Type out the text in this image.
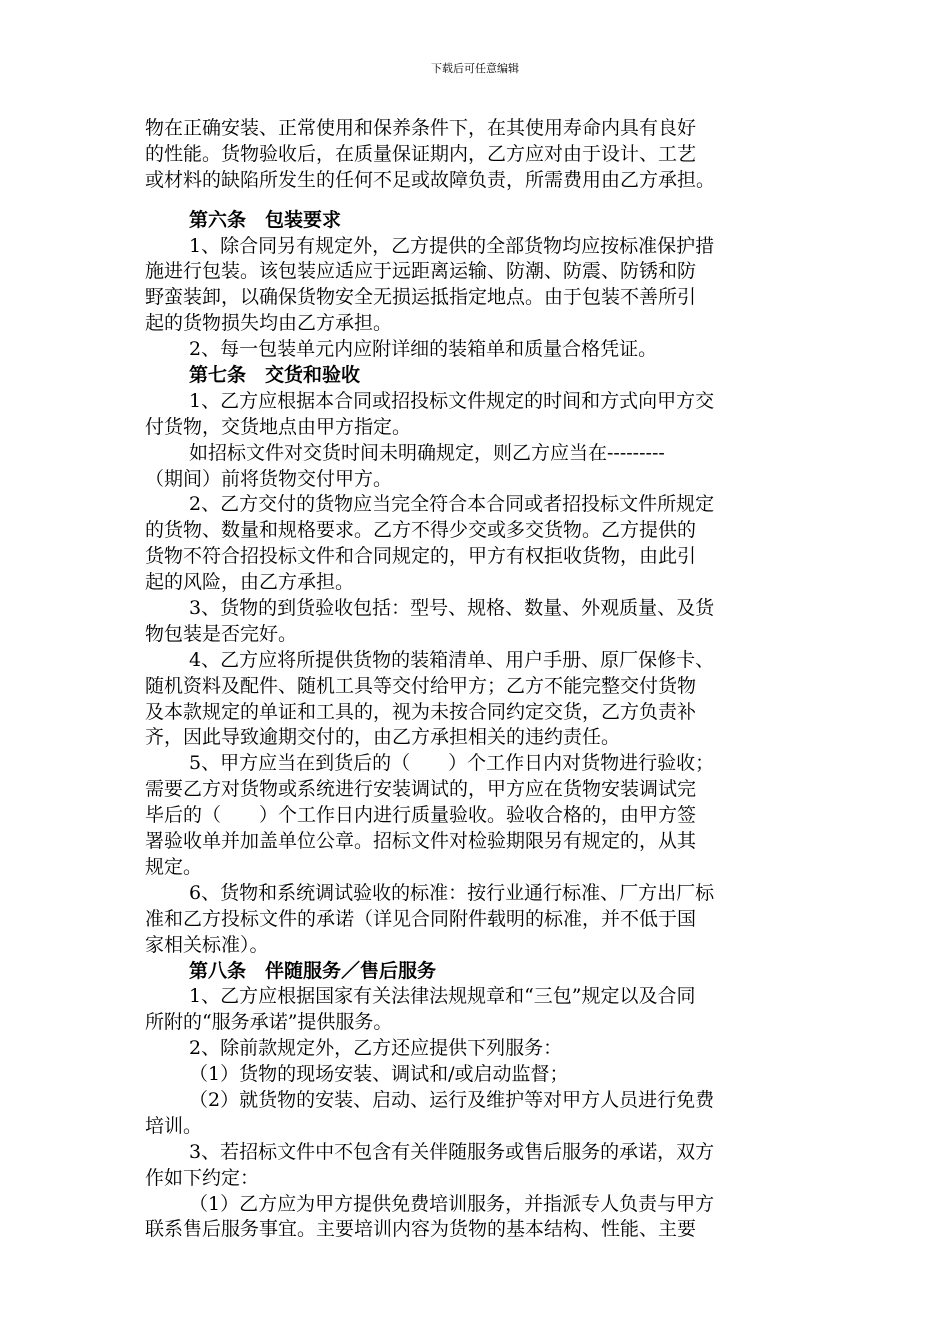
下载后可任意编辑
物在正确安装、正常使用和保养条件下，在其使用寿命内具有良好
的性能。货物验收后，在质量保证期内，乙方应对由于设计、工艺
或材料的缺陷所发生的任何不足或故障负责，所需费用由乙方承担。
第六条　包装要求
1、除合同另有规定外，乙方提供的全部货物均应按标准保护措
施进行包装。该包装应适应于远距离运输、防潮、防震、防锈和防
野蛮装卸，以确保货物安全无损运抵指定地点。由于包装不善所引
起的货物损失均由乙方承担。
2、每一包装单元内应附详细的装箱单和质量合格凭证。
第七条　交货和验收
1、乙方应根据本合同或招投标文件规定的时间和方式向甲方交
付货物，交货地点由甲方指定。
如招标文件对交货时间未明确规定，则乙方应当在---------
（期间）前将货物交付甲方。
2、乙方交付的货物应当完全符合本合同或者招投标文件所规定
的货物、数量和规格要求。乙方不得少交或多交货物。乙方提供的
货物不符合招投标文件和合同规定的，甲方有权拒收货物，由此引
起的风险，由乙方承担。
3、货物的到货验收包括：型号、规格、数量、外观质量、及货
物包装是否完好。
4、乙方应将所提供货物的装箱清单、用户手册、原厂保修卡、
随机资料及配件、随机工具等交付给甲方；乙方不能完整交付货物
及本款规定的单证和工具的，视为未按合同约定交货，乙方负责补
齐，因此导致逾期交付的，由乙方承担相关的违约责任。
5、甲方应当在到货后的（　　）个工作日内对货物进行验收；
需要乙方对货物或系统进行安装调试的，甲方应在货物安装调试完
毕后的（　　）个工作日内进行质量验收。验收合格的，由甲方签
署验收单并加盖单位公章。招标文件对检验期限另有规定的，从其
规定。
6、货物和系统调试验收的标准：按行业通行标准、厂方出厂标
准和乙方投标文件的承诺（详见合同附件载明的标准，并不低于国
家相关标准）。
第八条　伴随服务／售后服务
1、乙方应根据国家有关法律法规规章和“三包”规定以及合同
所附的“服务承诺”提供服务。
2、除前款规定外，乙方还应提供下列服务：
（1）货物的现场安装、调试和/或启动监督；
（2）就货物的安装、启动、运行及维护等对甲方人员进行免费
培训。
3、若招标文件中不包含有关伴随服务或售后服务的承诺，双方
作如下约定：
（1）乙方应为甲方提供免费培训服务，并指派专人负责与甲方
联系售后服务事宜。主要培训内容为货物的基本结构、性能、主要
